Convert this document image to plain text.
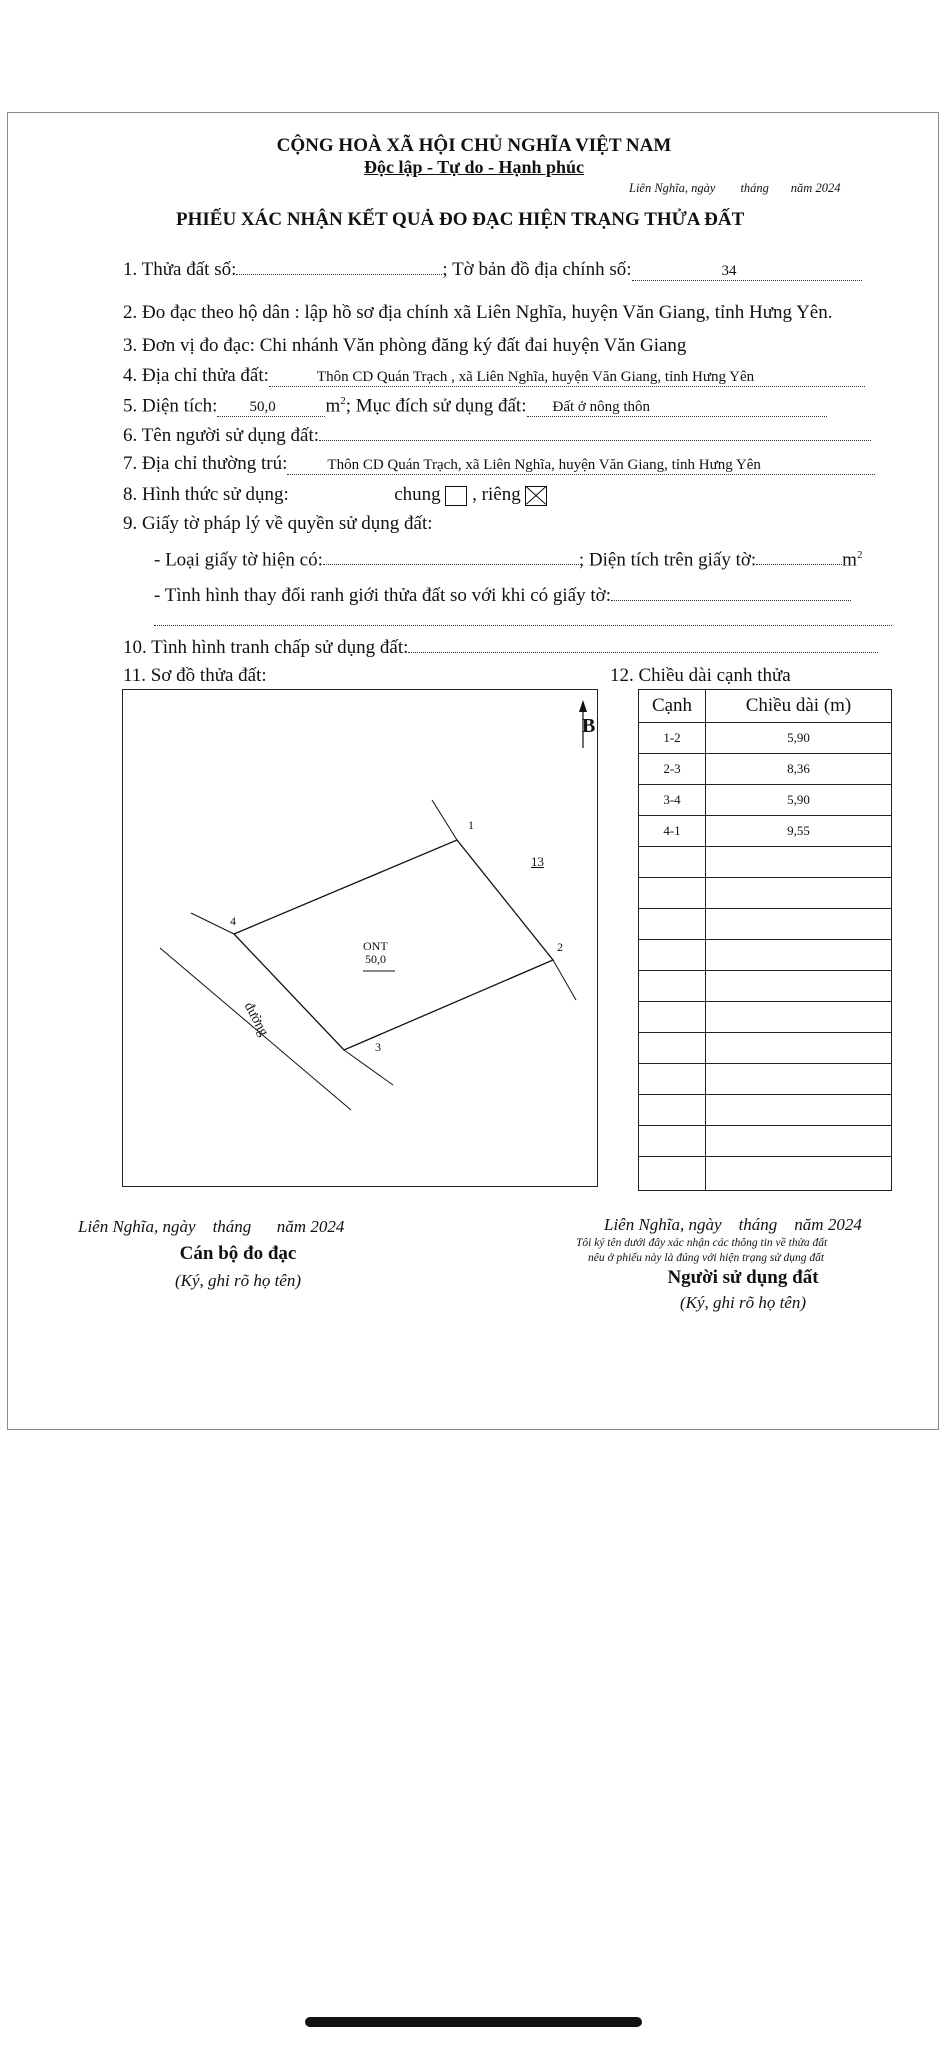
CỘNG HOÀ XÃ HỘI CHỦ NGHĨA VIỆT NAM
Độc lập - Tự do - Hạnh phúc
Liên Nghĩa, ngày        tháng       năm 2024
PHIẾU XÁC NHẬN KẾT QUẢ ĐO ĐẠC HIỆN TRẠNG THỬA ĐẤT
1. Thửa đất số:	; Tờ bản đồ địa chính số:	34
2. Đo đạc theo hộ dân : lập hồ sơ địa chính xã Liên Nghĩa, huyện Văn Giang, tỉnh Hưng Yên.
3. Đơn vị đo đạc: Chi nhánh Văn phòng đăng ký đất đai huyện Văn Giang
4. Địa chỉ thửa đất:	Thôn CD Quán Trạch , xã Liên Nghĩa, huyện Văn Giang, tỉnh Hưng Yên
5. Diện tích: 50,0	$m^2$; Mục đích sử dụng đất: Đất ở nông thôn
6. Tên người sử dụng đất:
7. Địa chỉ thường trú:	Thôn CD Quán Trạch, xã Liên Nghĩa, huyện Văn Giang, tỉnh Hưng Yên
8. Hình thức sử dụng:	chung , riêng
9. Giấy tờ pháp lý về quyền sử dụng đất:
- Loại giấy tờ hiện có:	; Diện tích trên giấy tờ:	$m^2$
- Tình hình thay đổi ranh giới thửa đất so với khi có giấy tờ:
10. Tình hình tranh chấp sử dụng đất:
11. Sơ đồ thửa đất:	12. Chiều dài cạnh thửa
B
ONT
50,0
13
đường
1
2
3
4
Cạnh	Chiều dài (m)
1-2	5,90
2-3	8,36
3-4	5,90
4-1	9,55

Liên Nghĩa, ngày    tháng      năm 2024
Cán bộ đo đạc
(Ký, ghi rõ họ tên)
Liên Nghĩa, ngày    tháng    năm 2024
Tôi ký tên dưới đây xác nhận các thông tin về thửa đất
nêu ở phiếu này là đúng với hiện trạng sử dụng đất
Người sử dụng đất
(Ký, ghi rõ họ tên)
